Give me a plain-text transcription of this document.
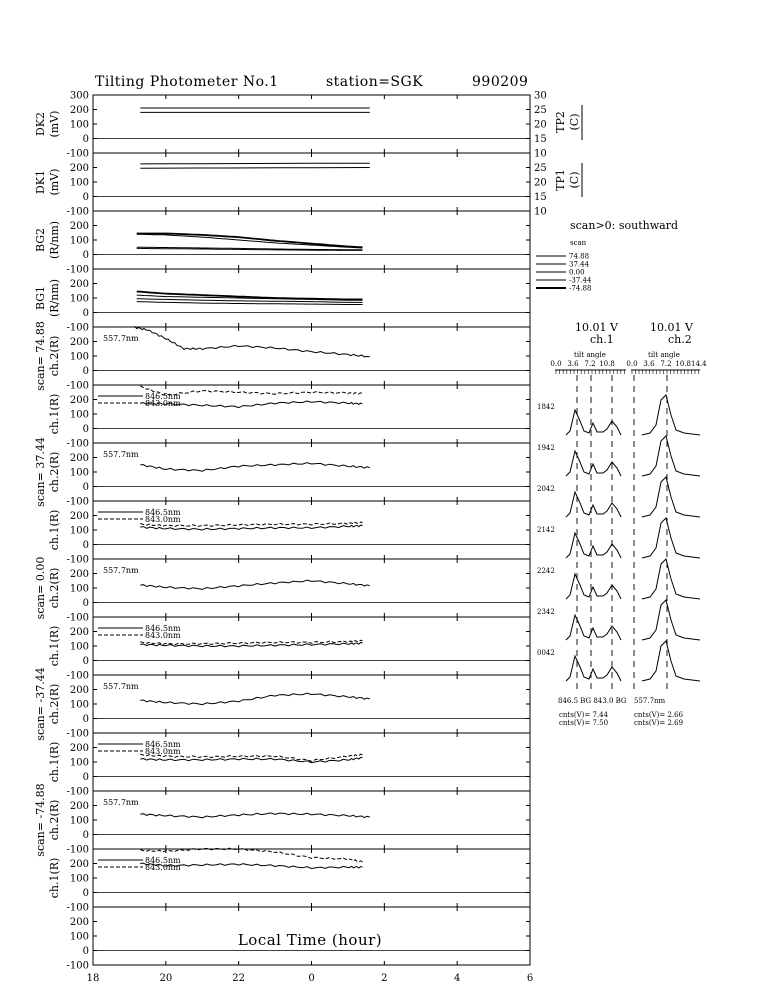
Tilting Photometer No.1	station=SGK	990209
TP2 (C)
TP1 (C)
-100
0
100
200
300
DK2 (mV)
-100
0
100
200
DK1 (mV)
-100
0
100
200
BG2 (R/nm)
-100
0
100
200
BG1 (R/nm)
-100
0
100
200
scan= 74.88 ch.2(R)	557.7nm
-100
0
100
200
ch.1(R)	846.5nm
843.0nm
-100
0
100
200
scan= 37.44 ch.2(R)	557.7nm
-100
0
100
200
ch.1(R)	846.5nm
843.0nm
-100
0
100
200
scan= 0.00 ch.2(R)	557.7nm
-100
0
100
200
ch.1(R)	846.5nm
843.0nm
-100
0
100
200
scan= -37.44 ch.2(R)	557.7nm
-100
0
100
200
ch.1(R)	846.5nm
843.0nm
-100
0
100
200
scan= -74.88 ch.2(R)	557.7nm
-100
0
100
200
ch.1(R)	846.5nm
843.0nm
-100
0
100
200
30
25
20
15
10
25
20
15
10
18	20	22	0	2	4	6
Local Time (hour)
scan>0: southward
scan
74.88
37.44
0.00
-37.44
-74.88
10.01 V	10.01 V
ch.1	ch.2
tilt angle	tilt angle
0.0 3.6 7.2 10.8 0.0 3.6 7.2 10.814.4
1842
1942
2042
2142
2242
2342
0042
846.5 BG 843.0 BG 557.7nm
cnts(V)= 7.44
cnts(V)= 7.50
cnts(V)= 2.66
cnts(V)= 2.69
